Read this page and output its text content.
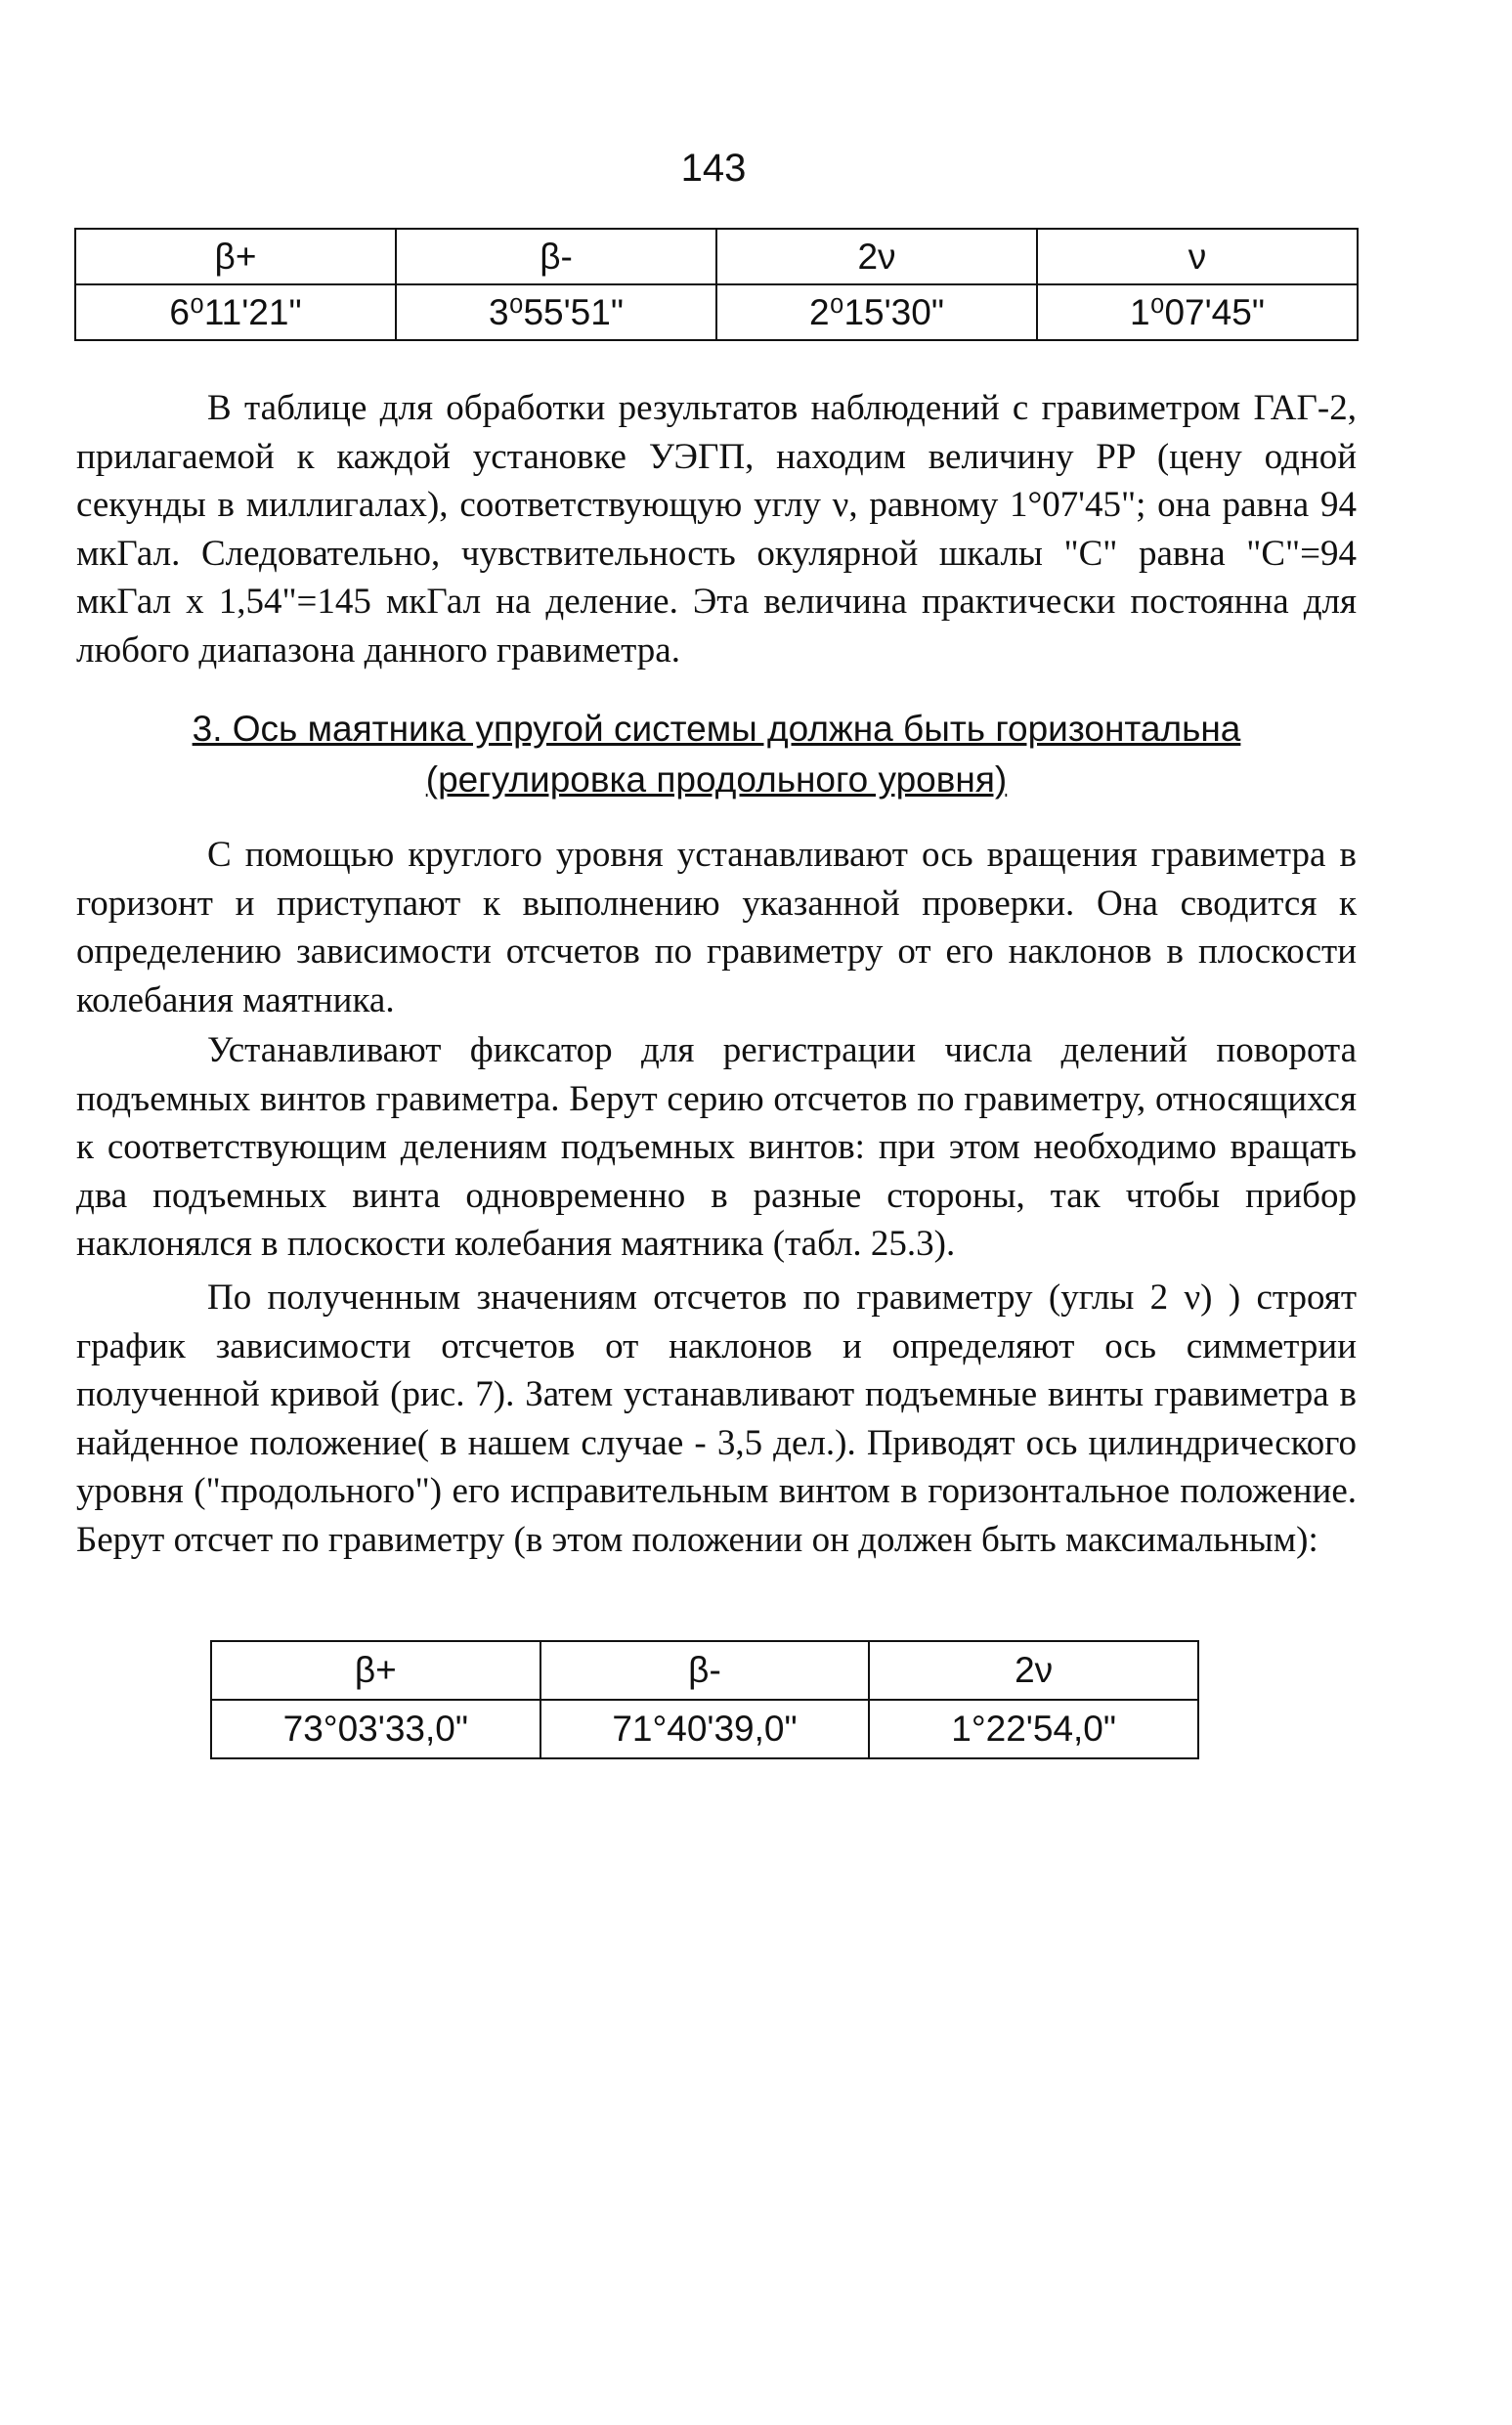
143
β+	β-	2ν	ν
6⁰11'21"	3⁰55'51"	2⁰15'30"	1⁰07'45"

В таблице для обработки результатов наблюдений с гравиметром ГАГ-2, прилагаемой к каждой установке УЭГП, находим величину PP (цену одной секунды в миллигалах), соответствующую углу ν, равному 1°07'45"; она равна 94 мкГал. Следовательно, чувствительность окулярной шкалы "С" равна "С"=94 мкГал х 1,54"=145 мкГал на деление. Эта величина практически постоянна для любого диапазона данного гравиметра.

3. Ось маятника упругой системы должна быть горизонтальна
(регулировка продольного уровня)

С помощью круглого уровня устанавливают ось вращения гравиметра в горизонт и приступают к выполнению указанной проверки. Она сводится к определению зависимости отсчетов по гравиметру от его наклонов в плоскости колебания маятника.

Устанавливают фиксатор для регистрации числа делений поворота подъемных винтов гравиметра. Берут серию отсчетов по гравиметру, относящихся к соответствующим делениям подъемных винтов: при этом необходимо вращать два подъемных винта одновременно в разные стороны, так чтобы прибор наклонялся в плоскости колебания маятника (табл. 25.3).

По полученным значениям отсчетов по гравиметру (углы 2 ν) ) строят график зависимости отсчетов от наклонов и определяют ось симметрии полученной кривой (рис. 7). Затем устанавливают подъемные винты гравиметра в найденное положение( в нашем случае - 3,5 дел.). Приводят ось цилиндрического уровня ("продольного") его исправительным винтом в горизонтальное положение. Берут отсчет по гравиметру (в этом положении он должен быть максимальным):

β+	β-	2ν
73°03'33,0"	71°40'39,0"	1°22'54,0"
